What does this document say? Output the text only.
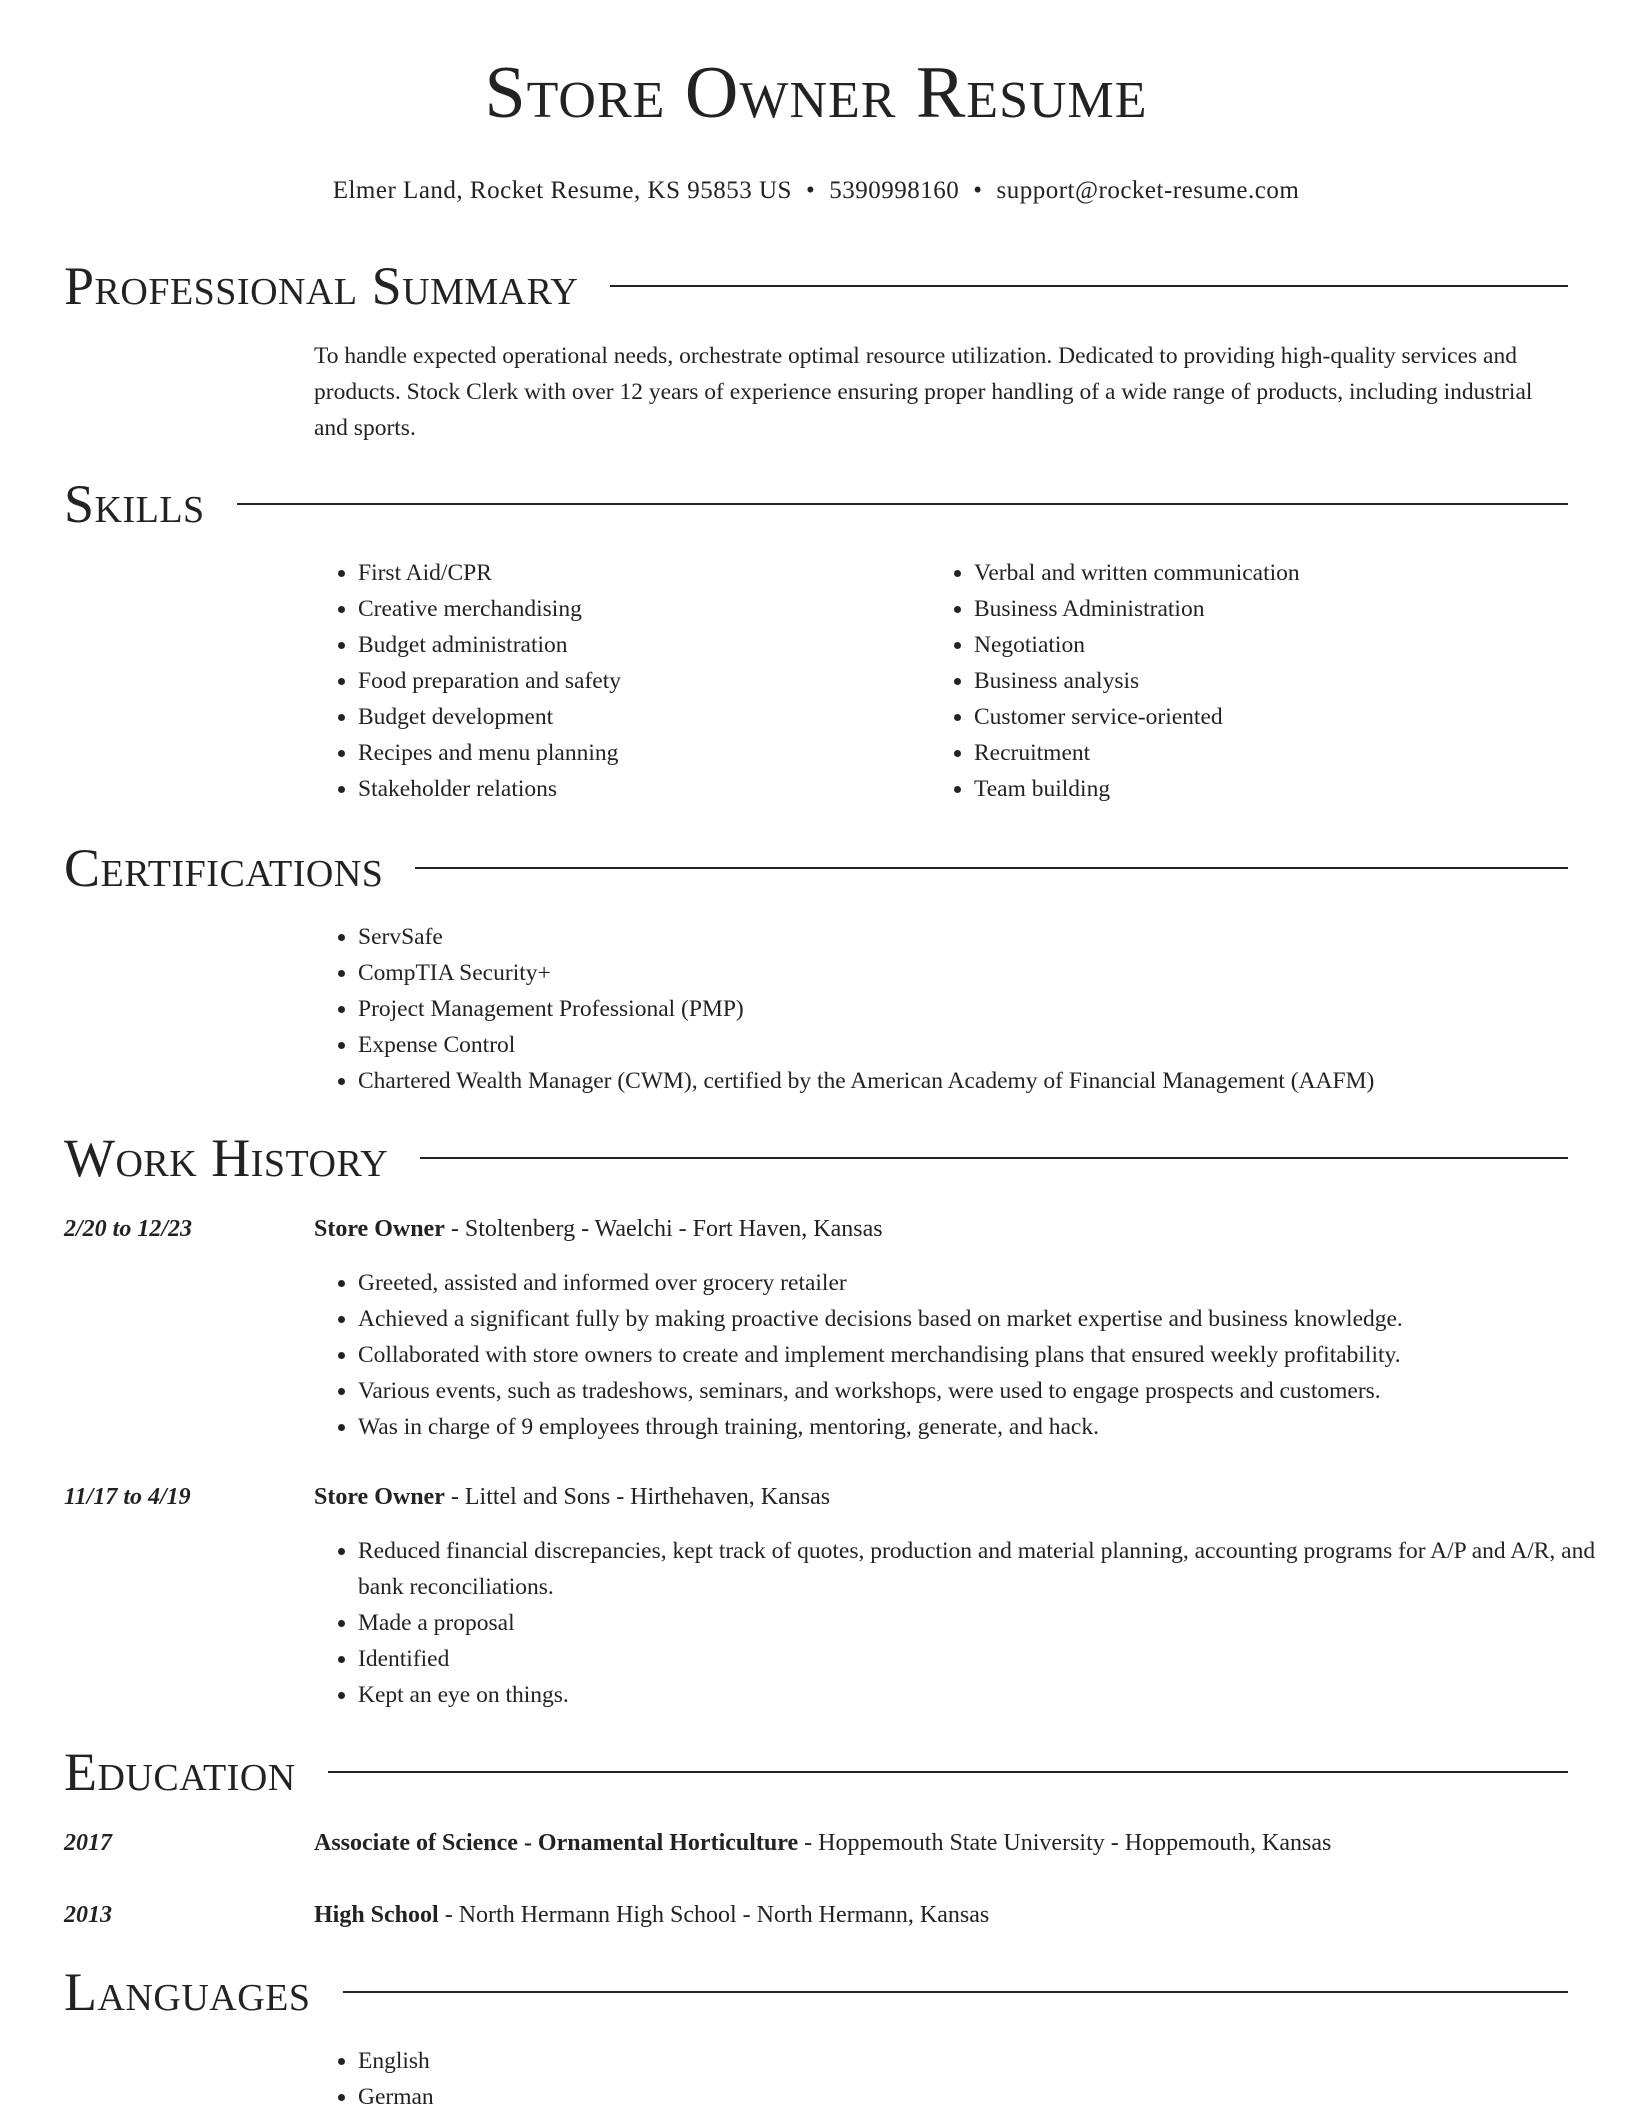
Store Owner Resume
Elmer Land, Rocket Resume, KS 95853 US • 5390998160 • support@rocket-resume.com
Professional Summary
To handle expected operational needs, orchestrate optimal resource utilization. Dedicated to providing high-quality services and products. Stock Clerk with over 12 years of experience ensuring proper handling of a wide range of products, including industrial and sports.
Skills
• First Aid/CPR
• Creative merchandising
• Budget administration
• Food preparation and safety
• Budget development
• Recipes and menu planning
• Stakeholder relations
• Verbal and written communication
• Business Administration
• Negotiation
• Business analysis
• Customer service-oriented
• Recruitment
• Team building
Certifications
• ServSafe
• CompTIA Security+
• Project Management Professional (PMP)
• Expense Control
• Chartered Wealth Manager (CWM), certified by the American Academy of Financial Management (AAFM)
Work History
2/20 to 12/23	Store Owner - Stoltenberg - Waelchi - Fort Haven, Kansas
• Greeted, assisted and informed over grocery retailer
• Achieved a significant fully by making proactive decisions based on market expertise and business knowledge.
• Collaborated with store owners to create and implement merchandising plans that ensured weekly profitability.
• Various events, such as tradeshows, seminars, and workshops, were used to engage prospects and customers.
• Was in charge of 9 employees through training, mentoring, generate, and hack.
11/17 to 4/19	Store Owner - Littel and Sons - Hirthehaven, Kansas
• Reduced financial discrepancies, kept track of quotes, production and material planning, accounting programs for A/P and A/R, and bank reconciliations.
• Made a proposal
• Identified
• Kept an eye on things.
Education
2017	Associate of Science - Ornamental Horticulture - Hoppemouth State University - Hoppemouth, Kansas
2013	High School - North Hermann High School - North Hermann, Kansas
Languages
• English
• German
